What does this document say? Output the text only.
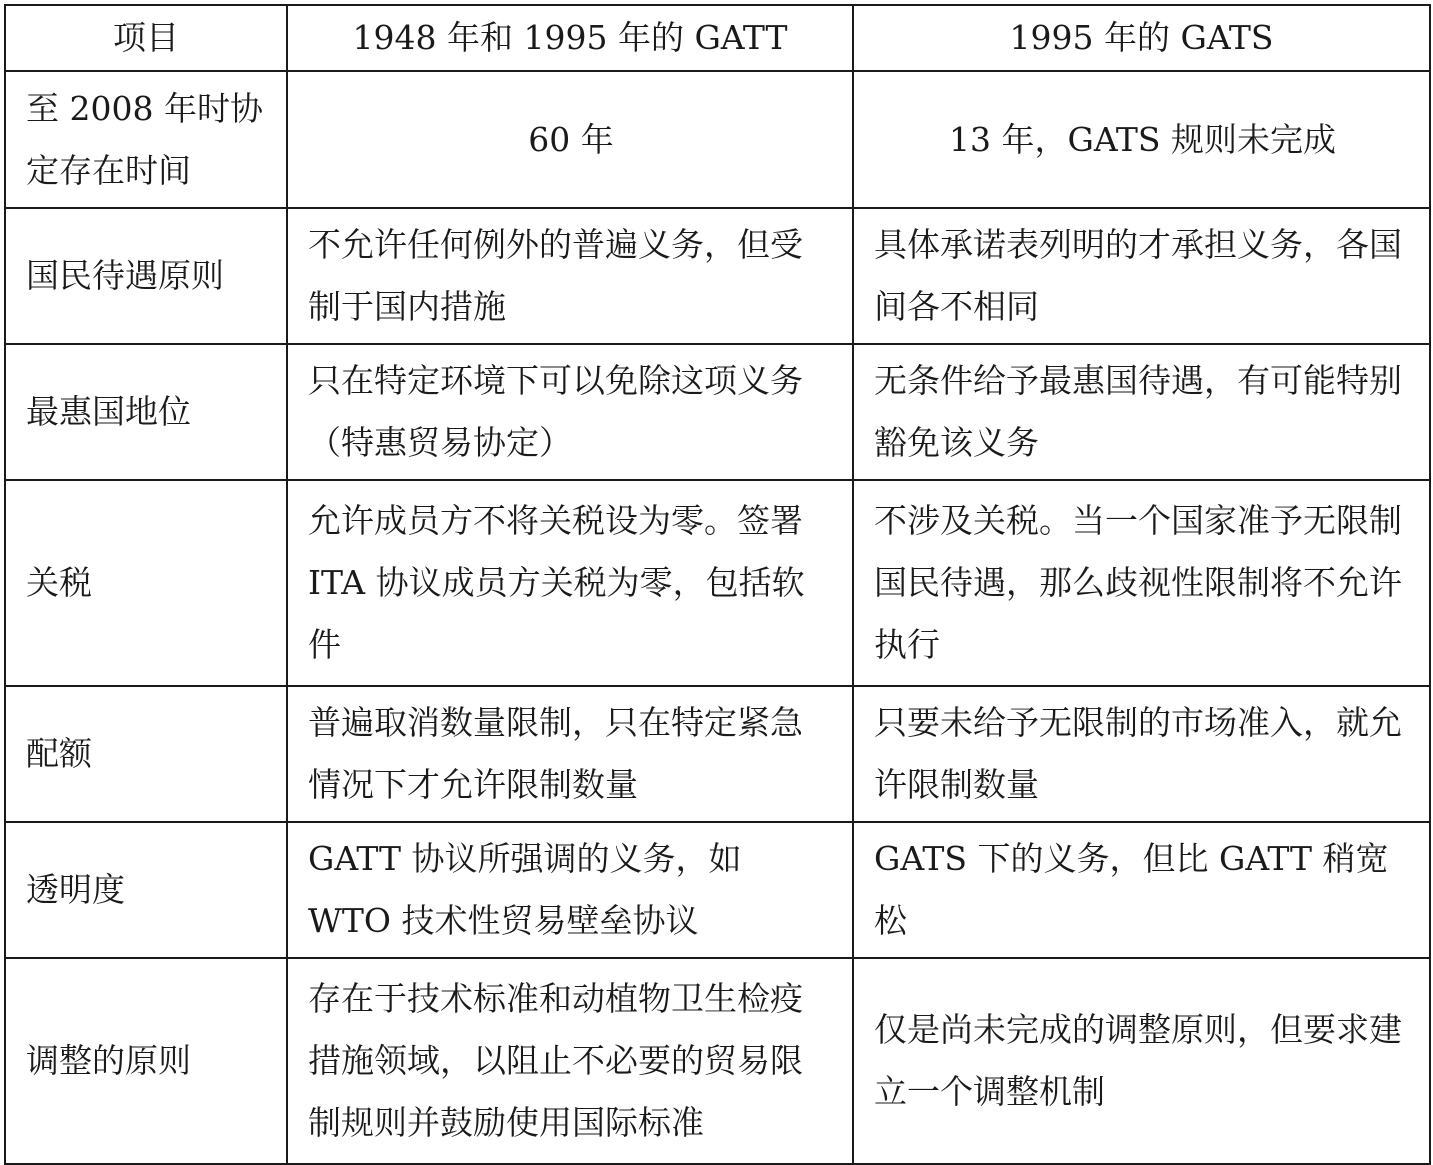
项目	1948 年和 1995 年的 GATT	1995 年的 GATS
至 2008 年时协定存在时间	60 年	13 年，GATS 规则未完成
国民待遇原则	不允许任何例外的普遍义务，但受制于国内措施	具体承诺表列明的才承担义务，各国间各不相同
最惠国地位	只在特定环境下可以免除这项义务（特惠贸易协定）	无条件给予最惠国待遇，有可能特别豁免该义务
关税	允许成员方不将关税设为零。签署 ITA 协议成员方关税为零，包括软件	不涉及关税。当一个国家准予无限制国民待遇，那么歧视性限制将不允许执行
配额	普遍取消数量限制，只在特定紧急情况下才允许限制数量	只要未给予无限制的市场准入，就允许限制数量
透明度	GATT 协议所强调的义务，如 WTO 技术性贸易壁垒协议	GATS 下的义务，但比 GATT 稍宽松
调整的原则	存在于技术标准和动植物卫生检疫措施领域，以阻止不必要的贸易限制规则并鼓励使用国际标准	仅是尚未完成的调整原则，但要求建立一个调整机制
